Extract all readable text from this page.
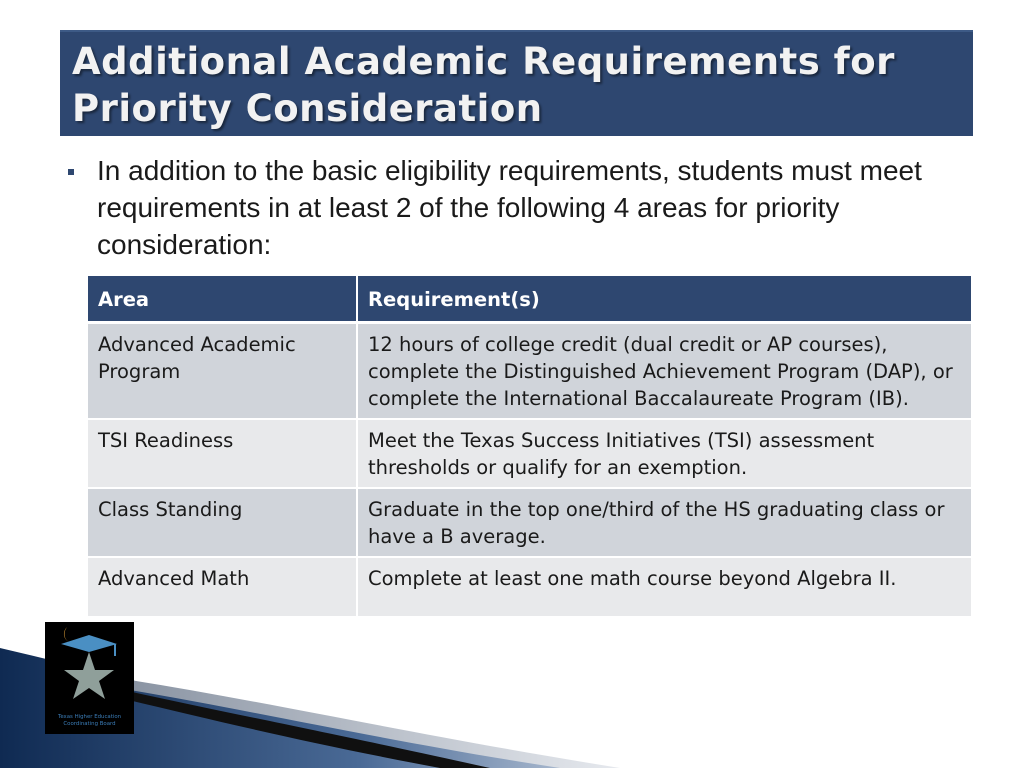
Additional Academic Requirements for Priority Consideration
In addition to the basic eligibility requirements, students must meet requirements in at least 2 of the following 4 areas for priority consideration:
Area	Requirement(s)
Advanced Academic Program	12 hours of college credit (dual credit or AP courses), complete the Distinguished Achievement Program (DAP), or complete the International Baccalaureate Program (IB).
TSI Readiness	Meet the Texas Success Initiatives (TSI) assessment thresholds or qualify for an exemption.
Class Standing	Graduate in the top one/third of the HS graduating class or have a B average.
Advanced Math	Complete at least one math course beyond Algebra II.
Texas Higher Education
Coordinating Board
